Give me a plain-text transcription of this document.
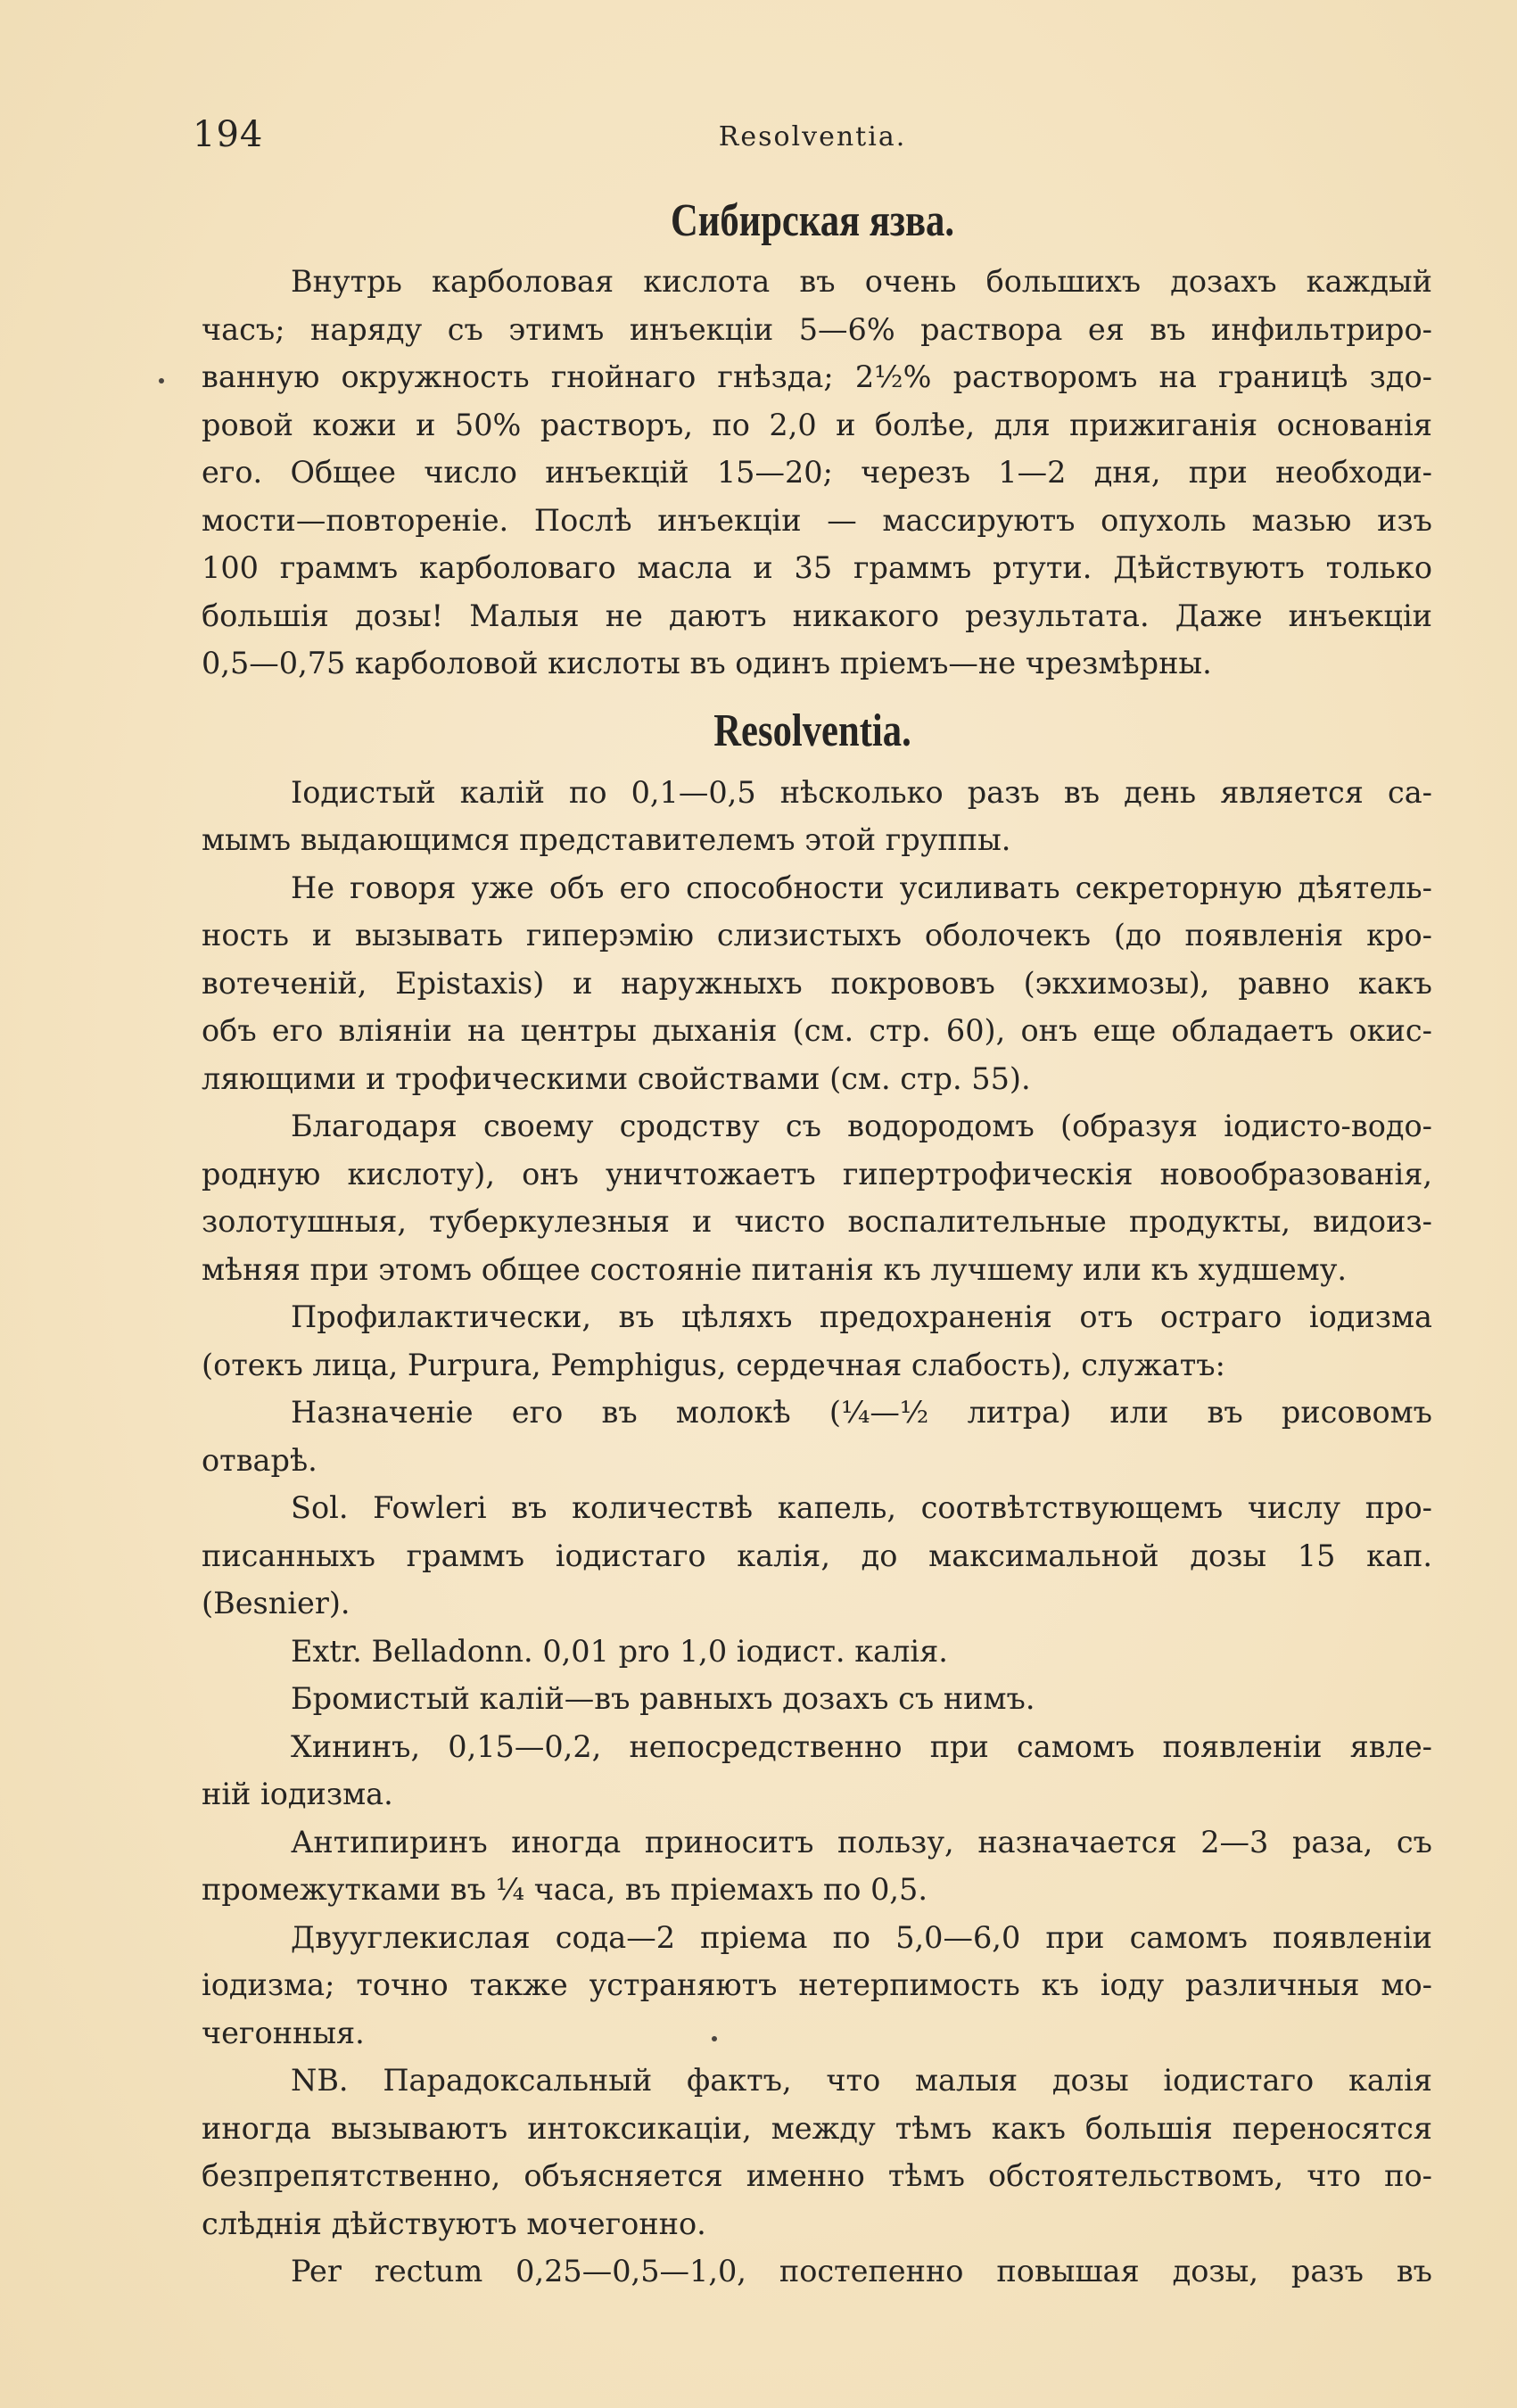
194	Resolventia.
Сибирская язва.
Внутрь карболовая кислота въ очень большихъ дозахъ каждый
часъ; наряду съ этимъ инъекціи 5—6% раствора ея въ инфильтриро-
ванную окружность гнойнаго гнѣзда; 2½% растворомъ на границѣ здо-
ровой кожи и 50% растворъ, по 2,0 и болѣе, для прижиганія основанія
его. Общее число инъекцій 15—20; черезъ 1—2 дня, при необходи-
мости—повтореніе. Послѣ инъекціи — массируютъ опухоль мазью изъ
100 граммъ карболоваго масла и 35 граммъ ртути. Дѣйствуютъ только
большія дозы! Малыя не даютъ никакого результата. Даже инъекціи
0,5—0,75 карболовой кислоты въ одинъ пріемъ—не чрезмѣрны.
Resolventia.
Іодистый калій по 0,1—0,5 нѣсколько разъ въ день является са-
мымъ выдающимся представителемъ этой группы.
Не говоря уже объ его способности усиливать секреторную дѣятель-
ность и вызывать гиперэмію слизистыхъ оболочекъ (до появленія кро-
вотеченій, Epistaxis) и наружныхъ покрововъ (экхимозы), равно какъ
объ его вліяніи на центры дыханія (см. стр. 60), онъ еще обладаетъ окис-
ляющими и трофическими свойствами (см. стр. 55).
Благодаря своему сродству съ водородомъ (образуя іодисто-водо-
родную кислоту), онъ уничтожаетъ гипертрофическія новообразованія,
золотушныя, туберкулезныя и чисто воспалительные продукты, видоиз-
мѣняя при этомъ общее состояніе питанія къ лучшему или къ худшему.
Профилактически, въ цѣляхъ предохраненія отъ остраго іодизма
(отекъ лица, Purpura, Pemphigus, сердечная слабость), служатъ:
Назначеніе его въ молокѣ (¼—½ литра) или въ рисовомъ
отварѣ.
Sol. Fowleri въ количествѣ капель, соотвѣтствующемъ числу про-
писанныхъ граммъ іодистаго калія, до максимальной дозы 15 кап.
(Besnier).
Extr. Belladonn. 0,01 pro 1,0 іодист. калія.
Бромистый калій—въ равныхъ дозахъ съ нимъ.
Хининъ, 0,15—0,2, непосредственно при самомъ появленіи явле-
ній іодизма.
Антипиринъ иногда приноситъ пользу, назначается 2—3 раза, съ
промежутками въ ¼ часа, въ пріемахъ по 0,5.
Двууглекислая сода—2 пріема по 5,0—6,0 при самомъ появленіи
іодизма; точно также устраняютъ нетерпимость къ іоду различныя мо-
чегонныя.
NB. Парадоксальный фактъ, что малыя дозы іодистаго калія
иногда вызываютъ интоксикаціи, между тѣмъ какъ большія переносятся
безпрепятственно, объясняется именно тѣмъ обстоятельствомъ, что по-
слѣднія дѣйствуютъ мочегонно.
Per rectum 0,25—0,5—1,0, постепенно повышая дозы, разъ въ
